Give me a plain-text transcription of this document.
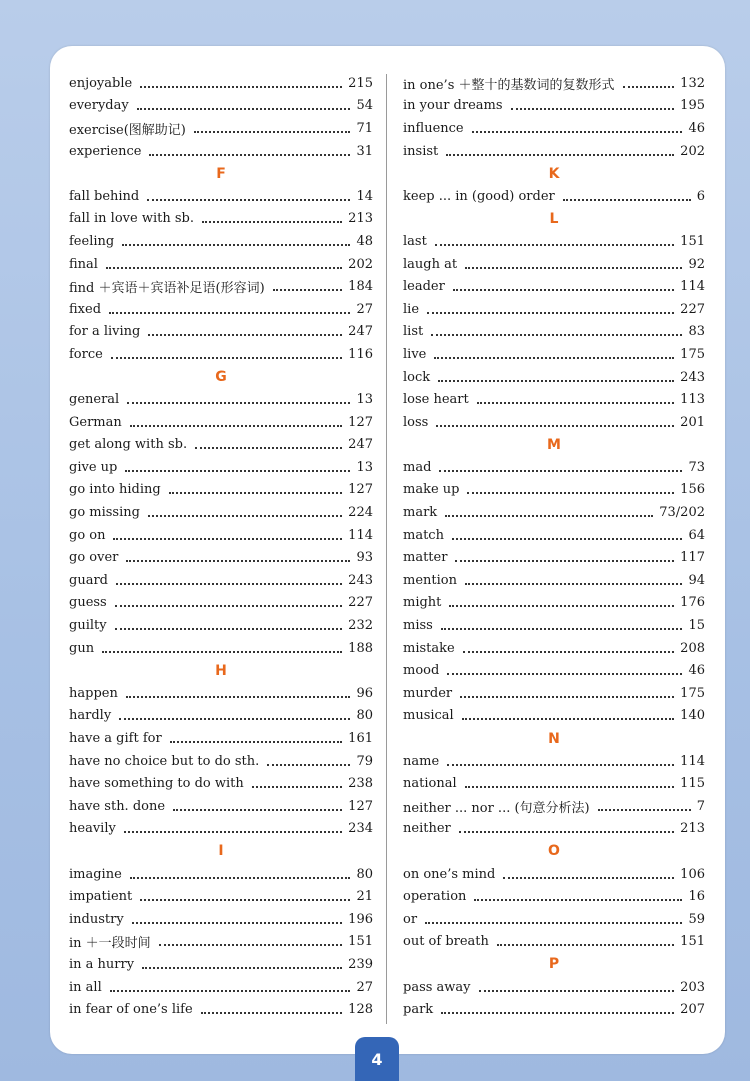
enjoyable	215
everyday	54
exercise(图解助记)	71
experience	31
F
fall behind	14
fall in love with sb.	213
feeling	48
final	202
find ＋宾语＋宾语补足语(形容词)	184
fixed	27
for a living	247
force	116
G
general	13
German	127
get along with sb.	247
give up	13
go into hiding	127
go missing	224
go on	114
go over	93
guard	243
guess	227
guilty	232
gun	188
H
happen	96
hardly	80
have a gift for	161
have no choice but to do sth.	79
have something to do with	238
have sth. done	127
heavily	234
I
imagine	80
impatient	21
industry	196
in ＋一段时间	151
in a hurry	239
in all	27
in fear of one’s life	128
in one’s ＋整十的基数词的复数形式	132
in your dreams	195
influence	46
insist	202
K
keep ... in (good) order	6
L
last	151
laugh at	92
leader	114
lie	227
list	83
live	175
lock	243
lose heart	113
loss	201
M
mad	73
make up	156
mark	73/202
match	64
matter	117
mention	94
might	176
miss	15
mistake	208
mood	46
murder	175
musical	140
N
name	114
national	115
neither ... nor ... (句意分析法)	7
neither	213
O
on one’s mind	106
operation	16
or	59
out of breath	151
P
pass away	203
park	207
4
